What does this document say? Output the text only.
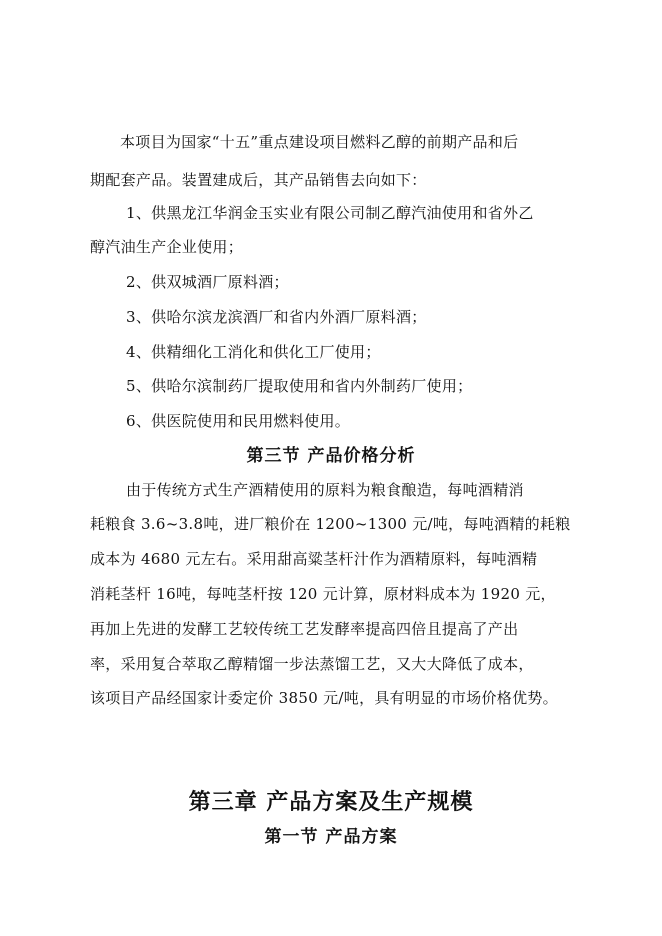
本项目为国家“十五”重点建设项目燃料乙醇的前期产品和后
期配套产品。装置建成后，其产品销售去向如下：
1、供黑龙江华润金玉实业有限公司制乙醇汽油使用和省外乙
醇汽油生产企业使用；
2、供双城酒厂原料酒；
3、供哈尔滨龙滨酒厂和省内外酒厂原料酒；
4、供精细化工消化和供化工厂使用；
5、供哈尔滨制药厂提取使用和省内外制药厂使用；
6、供医院使用和民用燃料使用。
第三节 产品价格分析
由于传统方式生产酒精使用的原料为粮食酿造，每吨酒精消
耗粮食 3.6~3.8吨，进厂粮价在 1200~1300 元/吨，每吨酒精的耗粮
成本为 4680 元左右。采用甜高粱茎杆汁作为酒精原料，每吨酒精
消耗茎杆 16吨，每吨茎杆按 120 元计算，原材料成本为 1920 元，
再加上先进的发酵工艺较传统工艺发酵率提高四倍且提高了产出
率，采用复合萃取乙醇精馏一步法蒸馏工艺，又大大降低了成本，
该项目产品经国家计委定价 3850 元/吨，具有明显的市场价格优势。
第三章 产品方案及生产规模
第一节 产品方案
